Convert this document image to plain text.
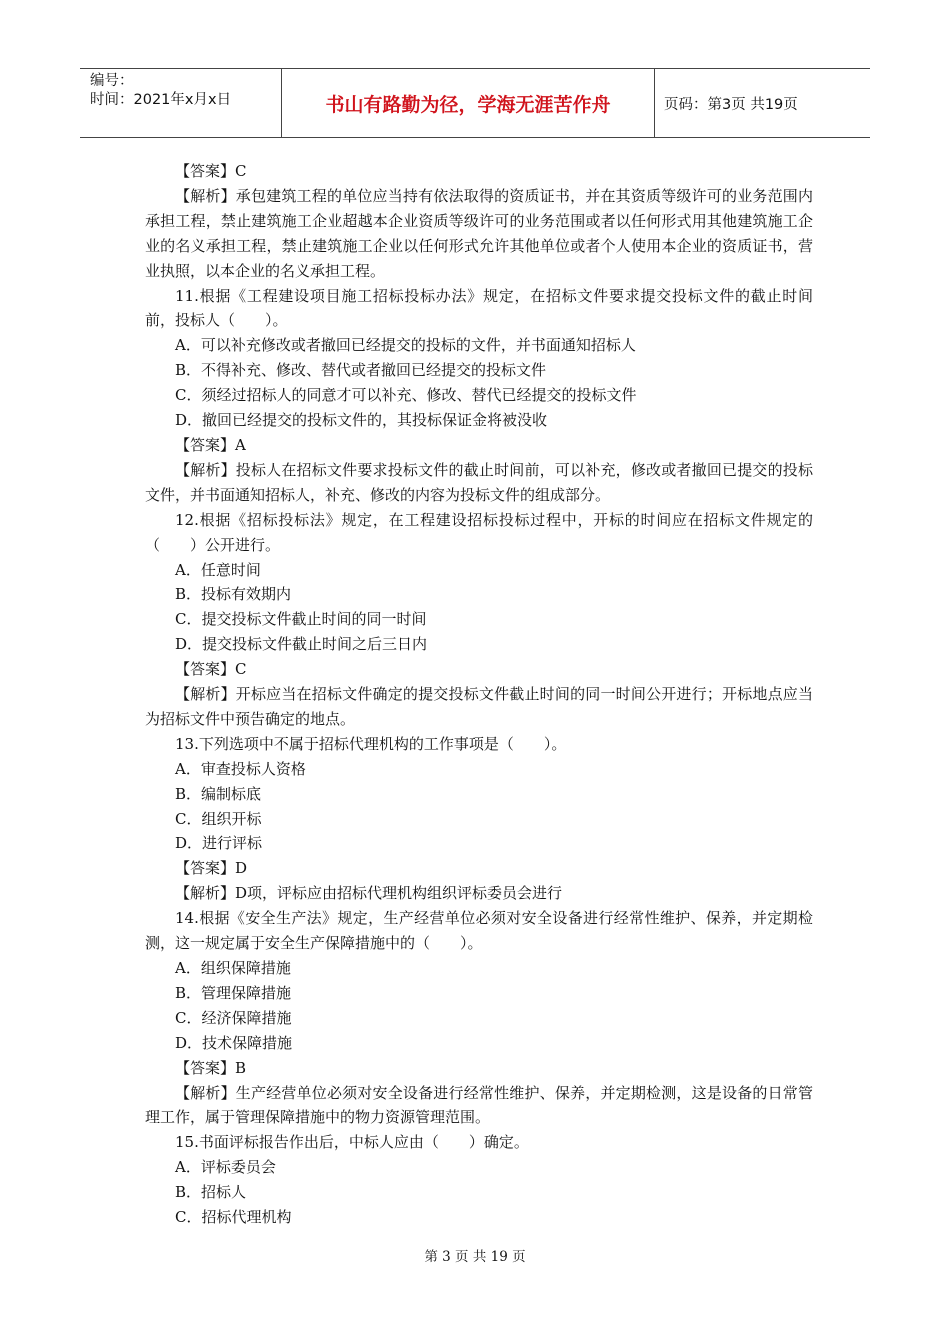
编号：
时间：2021年x月x日	书山有路勤为径，学海无涯苦作舟	页码：第3页 共19页

【答案】C

【解析】承包建筑工程的单位应当持有依法取得的资质证书，并在其资质等级许可的业务范围内承担工程，禁止建筑施工企业超越本企业资质等级许可的业务范围或者以任何形式用其他建筑施工企业的名义承担工程，禁止建筑施工企业以任何形式允许其他单位或者个人使用本企业的资质证书，营业执照，以本企业的名义承担工程。

11.根据《工程建设项目施工招标投标办法》规定，在招标文件要求提交投标文件的截止时间前，投标人（　　）。

A．可以补充修改或者撤回已经提交的投标的文件，并书面通知招标人

B．不得补充、修改、替代或者撤回已经提交的投标文件

C．须经过招标人的同意才可以补充、修改、替代已经提交的投标文件

D．撤回已经提交的投标文件的，其投标保证金将被没收

【答案】A

【解析】投标人在招标文件要求投标文件的截止时间前，可以补充，修改或者撤回已提交的投标文件，并书面通知招标人，补充、修改的内容为投标文件的组成部分。

12.根据《招标投标法》规定，在工程建设招标投标过程中，开标的时间应在招标文件规定的（　　）公开进行。

A．任意时间

B．投标有效期内

C．提交投标文件截止时间的同一时间

D．提交投标文件截止时间之后三日内

【答案】C

【解析】开标应当在招标文件确定的提交投标文件截止时间的同一时间公开进行；开标地点应当为招标文件中预告确定的地点。

13.下列选项中不属于招标代理机构的工作事项是（　　）。

A．审查投标人资格

B．编制标底

C．组织开标

D．进行评标

【答案】D

【解析】D项，评标应由招标代理机构组织评标委员会进行

14.根据《安全生产法》规定，生产经营单位必须对安全设备进行经常性维护、保养，并定期检测，这一规定属于安全生产保障措施中的（　　）。

A．组织保障措施

B．管理保障措施

C．经济保障措施

D．技术保障措施

【答案】B

【解析】生产经营单位必须对安全设备进行经常性维护、保养，并定期检测，这是设备的日常管理工作，属于管理保障措施中的物力资源管理范围。

15.书面评标报告作出后，中标人应由（　　）确定。

A．评标委员会

B．招标人

C．招标代理机构

第 3 页 共 19 页
